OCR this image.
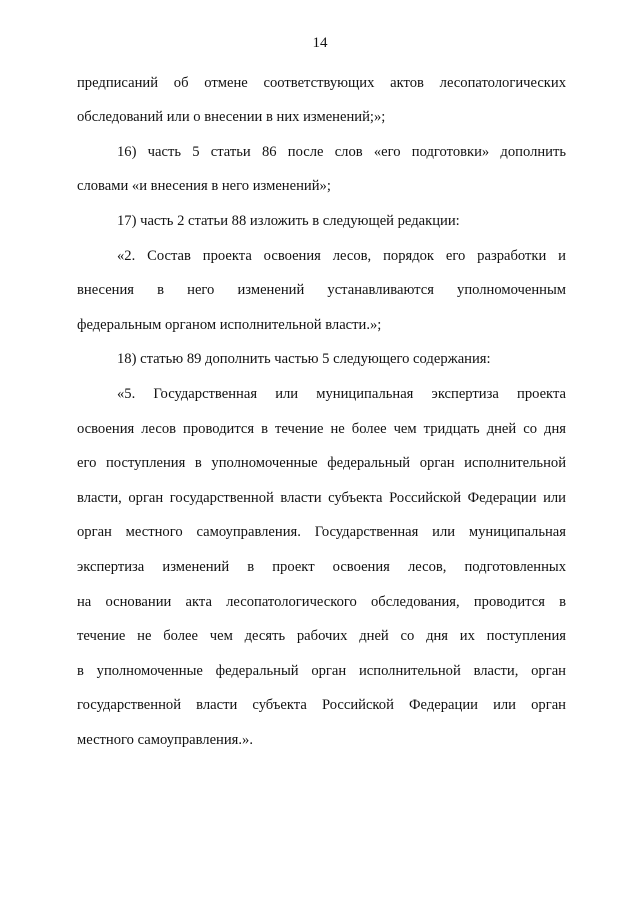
14
предписаний об отмене соответствующих актов лесопатологических
обследований или о внесении в них изменений;»;
16) часть 5 статьи 86 после слов «его подготовки» дополнить
словами «и внесения в него изменений»;
17) часть 2 статьи 88 изложить в следующей редакции:
«2. Состав проекта освоения лесов, порядок его разработки и
внесения в него изменений устанавливаются уполномоченным
федеральным органом исполнительной власти.»;
18) статью 89 дополнить частью 5 следующего содержания:
«5. Государственная или муниципальная экспертиза проекта
освоения лесов проводится в течение не более чем тридцать дней со дня
его поступления в уполномоченные федеральный орган исполнительной
власти, орган государственной власти субъекта Российской Федерации или
орган местного самоуправления. Государственная или муниципальная
экспертиза изменений в проект освоения лесов, подготовленных
на основании акта лесопатологического обследования, проводится в
течение не более чем десять рабочих дней со дня их поступления
в уполномоченные федеральный орган исполнительной власти, орган
государственной власти субъекта Российской Федерации или орган
местного самоуправления.».
